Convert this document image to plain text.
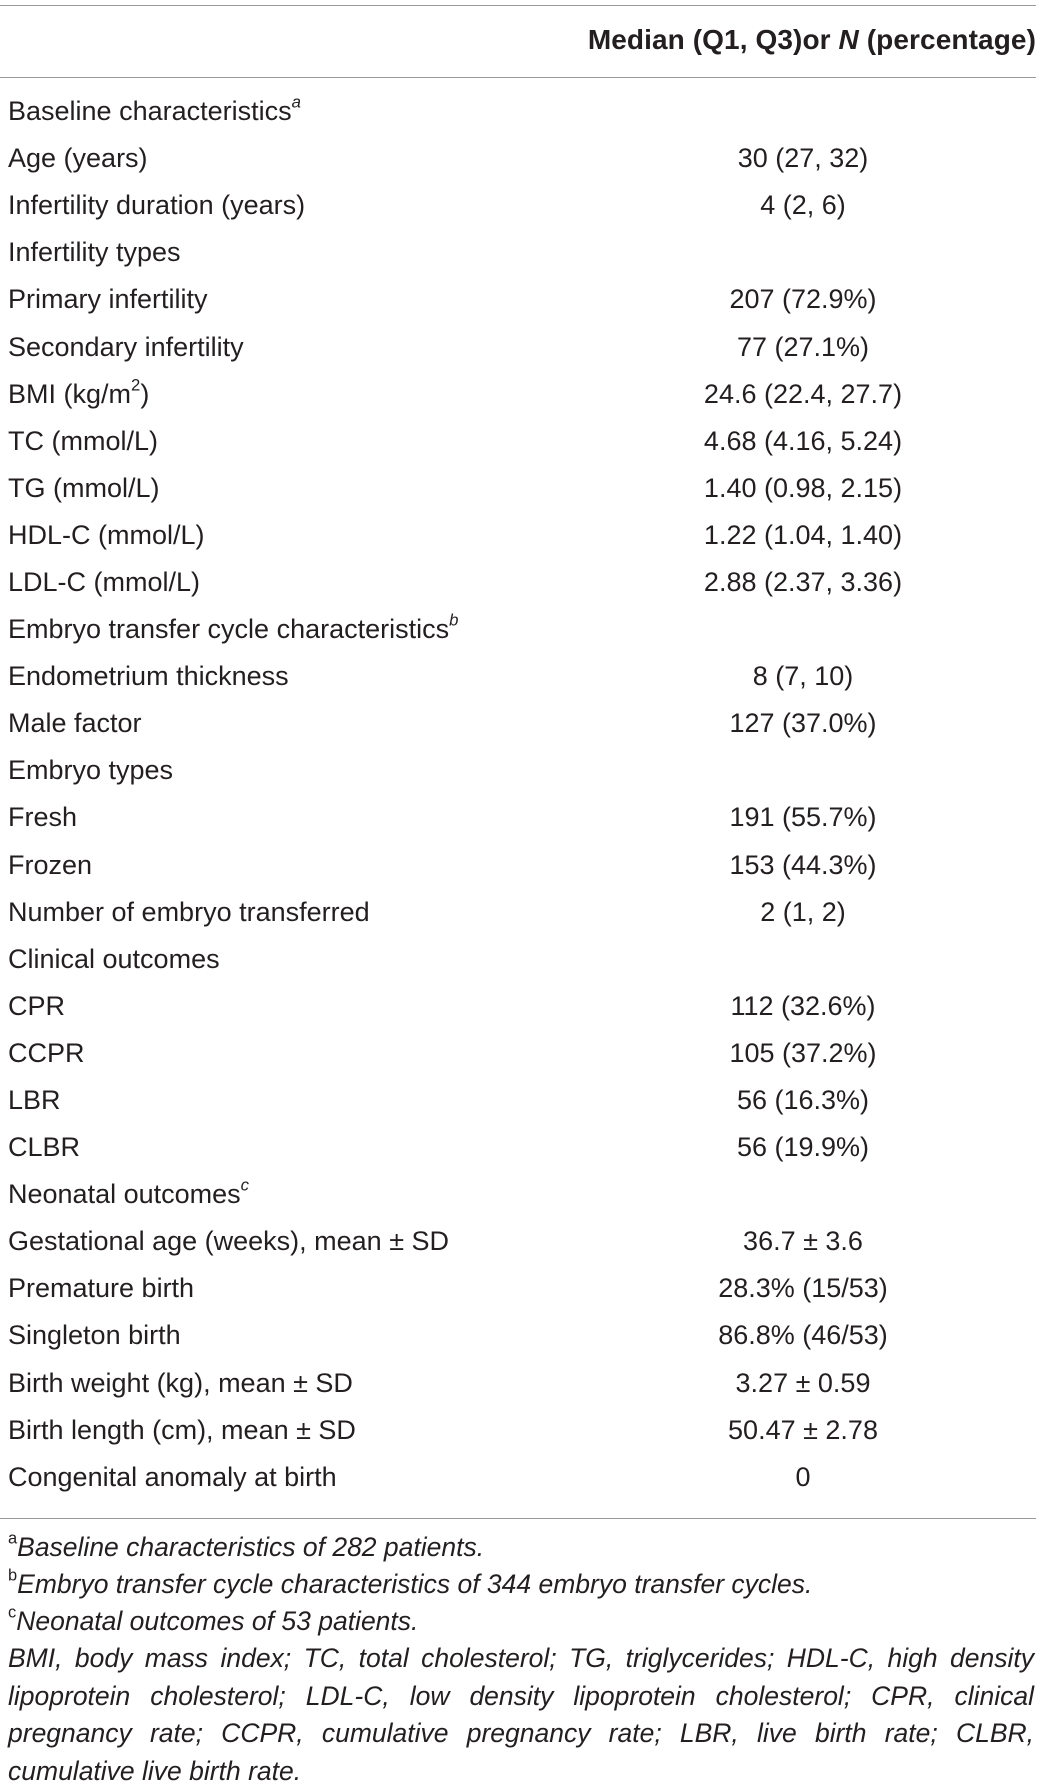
Median (Q1, Q3)or N (percentage)
Baseline characteristics$^a$
Age (years)	30 (27, 32)
Infertility duration (years)	4 (2, 6)
Infertility types
Primary infertility	207 (72.9%)
Secondary infertility	77 (27.1%)
BMI $(kg/m^2)$	24.6 (22.4, 27.7)
TC (mmol/L)	4.68 (4.16, 5.24)
TG (mmol/L)	1.40 (0.98, 2.15)
HDL-C (mmol/L)	1.22 (1.04, 1.40)
LDL-C (mmol/L)	2.88 (2.37, 3.36)
Embryo transfer cycle characteristics$^b$
Endometrium thickness	8 (7, 10)
Male factor	127 (37.0%)
Embryo types
Fresh	191 (55.7%)
Frozen	153 (44.3%)
Number of embryo transferred	2 (1, 2)
Clinical outcomes
CPR	112 (32.6%)
CCPR	105 (37.2%)
LBR	56 (16.3%)
CLBR	56 (19.9%)
Neonatal outcomes$^c$
Gestational age (weeks), mean ± SD	36.7 ± 3.6
Premature birth	28.3% (15/53)
Singleton birth	86.8% (46/53)
Birth weight (kg), mean ± SD	3.27 ± 0.59
Birth length (cm), mean ± SD	50.47 ± 2.78
Congenital anomaly at birth	0
$^a$Baseline characteristics of 282 patients.
$^b$Embryo transfer cycle characteristics of 344 embryo transfer cycles.
$^c$Neonatal outcomes of 53 patients.
BMI, body mass index; TC, total cholesterol; TG, triglycerides; HDL-C, high density lipoprotein cholesterol; LDL-C, low density lipoprotein cholesterol; CPR, clinical pregnancy rate; CCPR, cumulative pregnancy rate; LBR, live birth rate; CLBR, cumulative live birth rate.
